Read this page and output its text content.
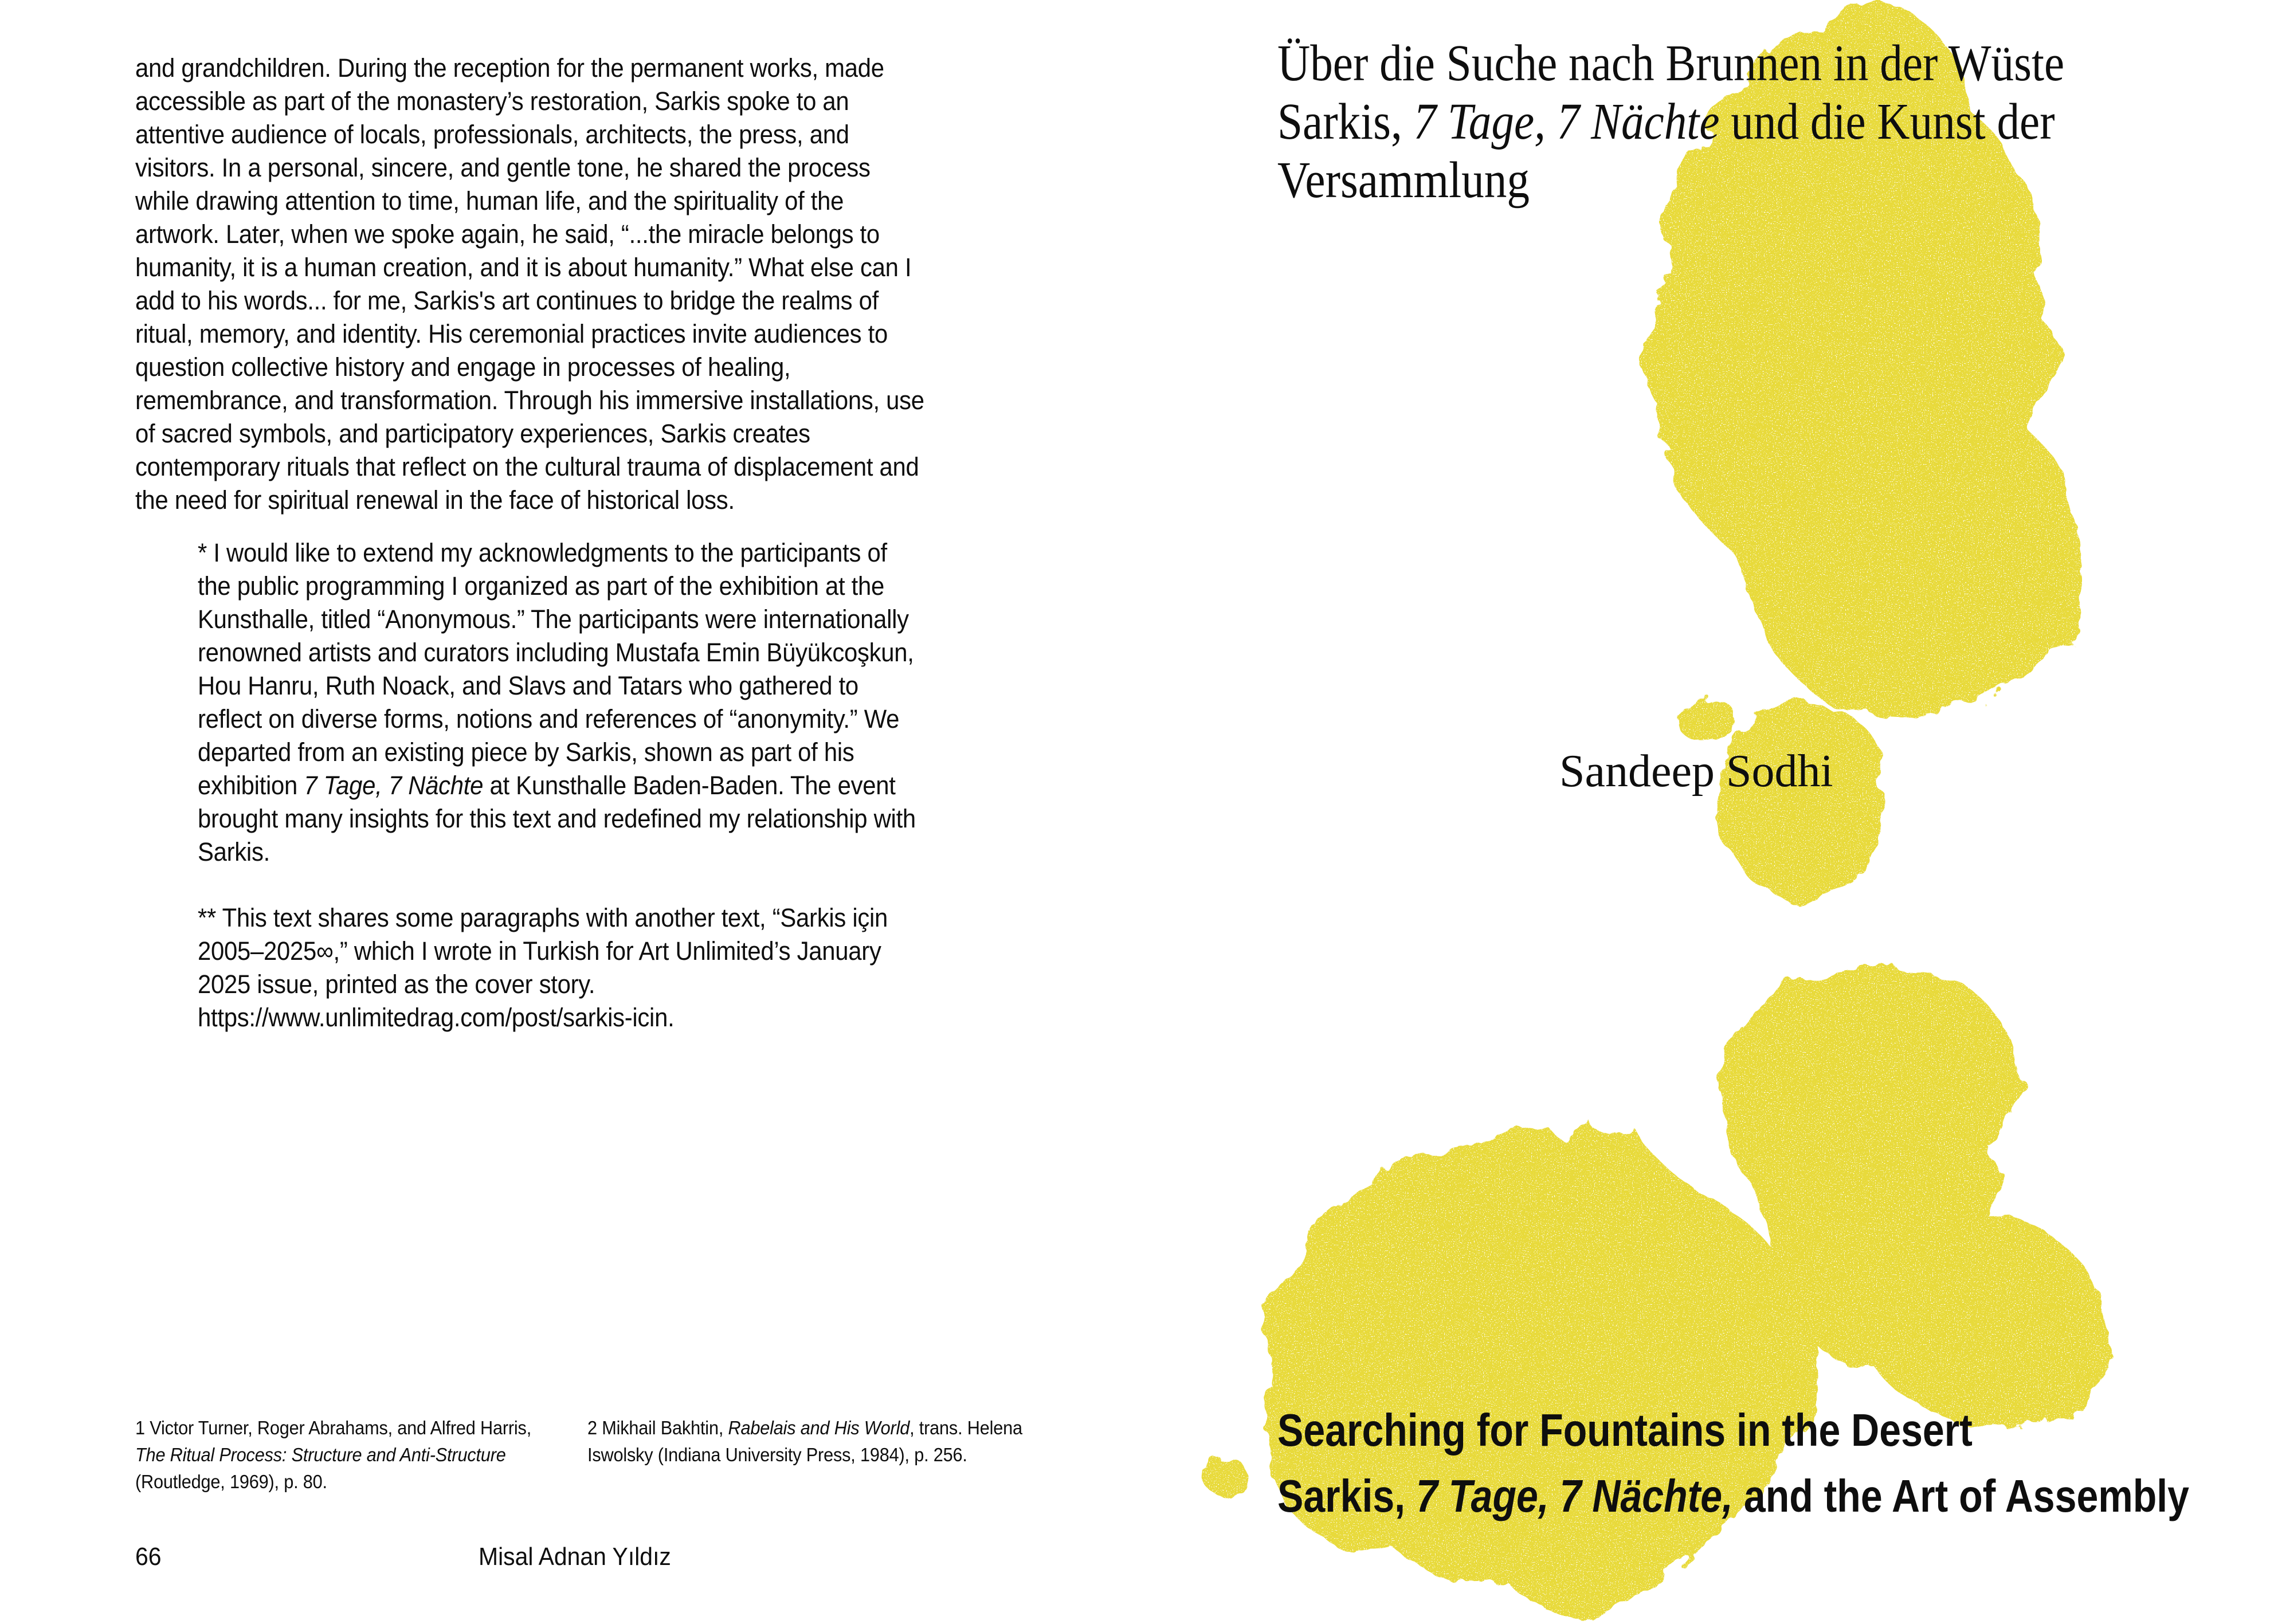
and grandchildren. During the reception for the permanent works, made accessible as part of the monastery’s restoration, Sarkis spoke to an attentive audience of locals, professionals, architects, the press, and visitors. In a personal, sincere, and gentle tone, he shared the process while drawing attention to time, human life, and the spirituality of the artwork. Later, when we spoke again, he said, “...the miracle belongs to humanity, it is a human creation, and it is about humanity.” What else can I add to his words... for me, Sarkis's art continues to bridge the realms of ritual, memory, and identity. His ceremonial practices invite audiences to question collective history and engage in processes of healing, remembrance, and transformation. Through his immersive installations, use of sacred symbols, and participatory experiences, Sarkis creates contemporary rituals that reflect on the cultural trauma of displacement and the need for spiritual renewal in the face of historical loss.
* I would like to extend my acknowledgments to the participants of the public programming I organized as part of the exhibition at the Kunsthalle, titled “Anonymous.” The participants were internationally renowned artists and curators including Mustafa Emin Büyükcoşkun, Hou Hanru, Ruth Noack, and Slavs and Tatars who gathered to reflect on diverse forms, notions and references of “anonymity.” We departed from an existing piece by Sarkis, shown as part of his exhibition 7 Tage, 7 Nächte at Kunsthalle Baden-Baden. The event brought many insights for this text and redefined my relationship with Sarkis.
** This text shares some paragraphs with another text, “Sarkis için 2005–2025∞,” which I wrote in Turkish for Art Unlimited’s January 2025 issue, printed as the cover story. https://www.unlimitedrag.com/post/sarkis-icin.
1 Victor Turner, Roger Abrahams, and Alfred Harris, The Ritual Process: Structure and Anti-Structure (Routledge, 1969), p. 80.
2 Mikhail Bakhtin, Rabelais and His World, trans. Helena Iswolsky (Indiana University Press, 1984), p. 256.
66	Misal Adnan Yıldız
Über die Suche nach Brunnen in der Wüste
Sarkis, 7 Tage, 7 Nächte und die Kunst der
Versammlung
Sandeep Sodhi
Searching for Fountains in the Desert
Sarkis, 7 Tage, 7 Nächte, and the Art of Assembly
